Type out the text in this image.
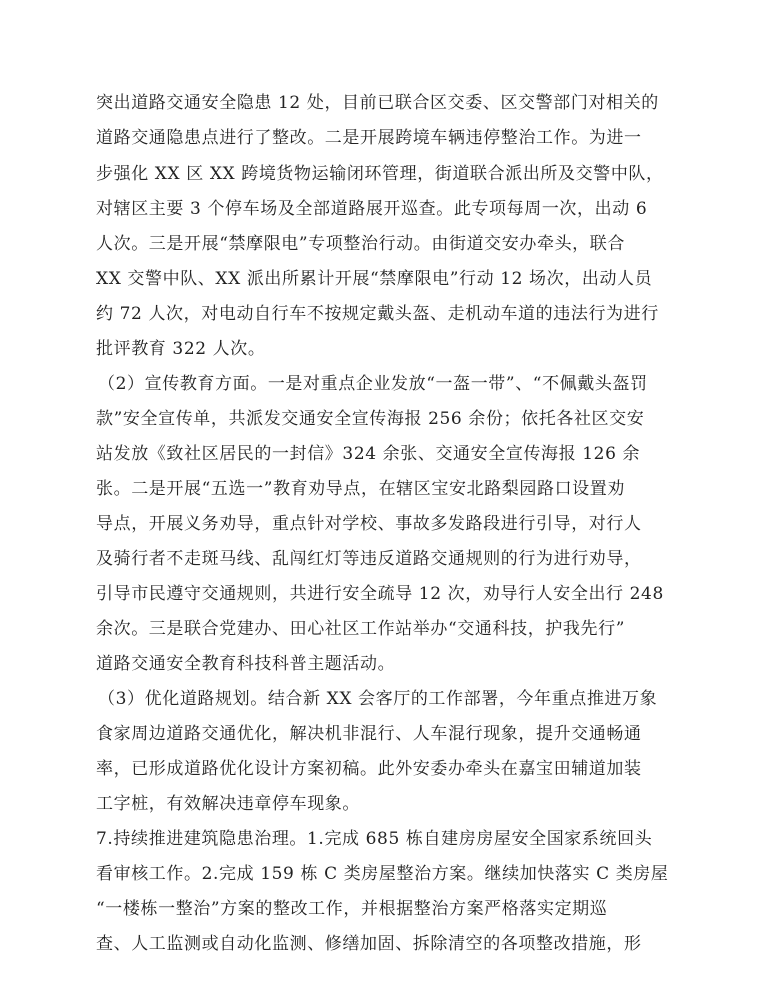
突出道路交通安全隐患 12 处，目前已联合区交委、区交警部门对相关的
道路交通隐患点进行了整改。二是开展跨境车辆违停整治工作。为进一
步强化 XX 区 XX 跨境货物运输闭环管理，街道联合派出所及交警中队，
对辖区主要 3 个停车场及全部道路展开巡查。此专项每周一次，出动 6
人次。三是开展“禁摩限电”专项整治行动。由街道交安办牵头，联合
XX 交警中队、XX 派出所累计开展“禁摩限电”行动 12 场次，出动人员
约 72 人次，对电动自行车不按规定戴头盔、走机动车道的违法行为进行
批评教育 322 人次。
（2）宣传教育方面。一是对重点企业发放“一盔一带”、“不佩戴头盔罚
款”安全宣传单，共派发交通安全宣传海报 256 余份；依托各社区交安
站发放《致社区居民的一封信》324 余张、交通安全宣传海报 126 余
张。二是开展“五选一”教育劝导点，在辖区宝安北路梨园路口设置劝
导点，开展义务劝导，重点针对学校、事故多发路段进行引导，对行人
及骑行者不走斑马线、乱闯红灯等违反道路交通规则的行为进行劝导，
引导市民遵守交通规则，共进行安全疏导 12 次，劝导行人安全出行 248
余次。三是联合党建办、田心社区工作站举办“交通科技，护我先行”
道路交通安全教育科技科普主题活动。
（3）优化道路规划。结合新 XX 会客厅的工作部署，今年重点推进万象
食家周边道路交通优化，解决机非混行、人车混行现象，提升交通畅通
率，已形成道路优化设计方案初稿。此外安委办牵头在嘉宝田辅道加装
工字桩，有效解决违章停车现象。
7.持续推进建筑隐患治理。1.完成 685 栋自建房房屋安全国家系统回头
看审核工作。2.完成 159 栋 C 类房屋整治方案。继续加快落实 C 类房屋
“一楼栋一整治”方案的整改工作，并根据整治方案严格落实定期巡
查、人工监测或自动化监测、修缮加固、拆除清空的各项整改措施，形
